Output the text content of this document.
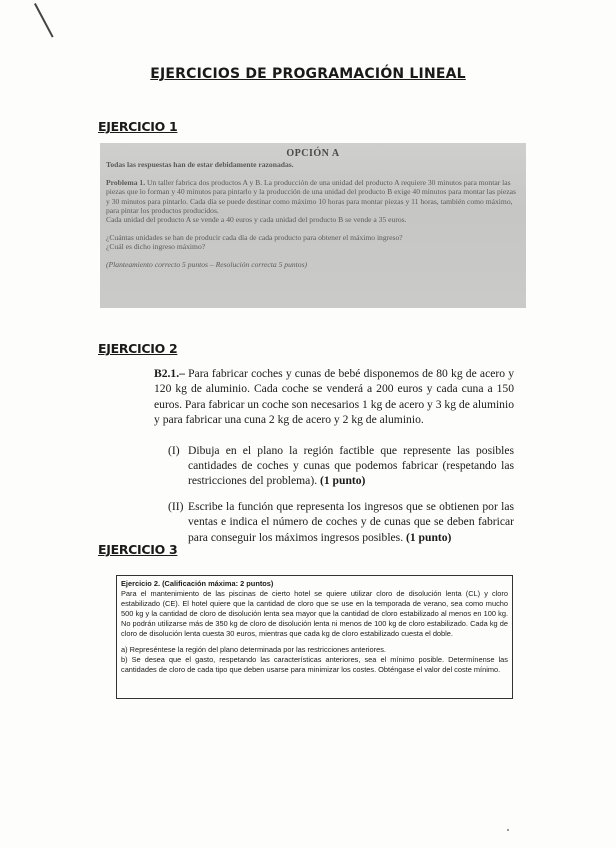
EJERCICIOS DE PROGRAMACIÓN LINEAL
EJERCICIO 1
OPCIÓN A
Todas las respuestas han de estar debidamente razonadas.

Problema 1. Un taller fabrica dos productos A y B. La producción de una unidad del producto A requiere 30 minutos para montar las piezas que lo forman y 40 minutos para pintarlo y la producción de una unidad del producto B exige 40 minutos para montar las piezas y 30 minutos para pintarlo. Cada día se puede destinar como máximo 10 horas para montar piezas y 11 horas, también como máximo, para pintar los productos producidos.

Cada unidad del producto A se vende a 40 euros y cada unidad del producto B se vende a 35 euros.

¿Cuántas unidades se han de producir cada día de cada producto para obtener el máximo ingreso?

¿Cuál es dicho ingreso máximo?

(Planteamiento correcto 5 puntos – Resolución correcta 5 puntos)

EJERCICIO 2
B2.1.– Para fabricar coches y cunas de bebé disponemos de 80 kg de acero y 120 kg de aluminio. Cada coche se venderá a 200 euros y cada cuna a 150 euros. Para fabricar un coche son necesarios 1 kg de acero y 3 kg de aluminio y para fabricar una cuna 2 kg de acero y 2 kg de aluminio.
(I) Dibuja en el plano la región factible que represente las posibles cantidades de coches y cunas que podemos fabricar (respetando las restricciones del problema). (1 punto)
(II) Escribe la función que representa los ingresos que se obtienen por las ventas e indica el número de coches y de cunas que se deben fabricar para conseguir los máximos ingresos posibles. (1 punto)
EJERCICIO 3

Ejercicio 2. (Calificación máxima: 2 puntos)

Para el mantenimiento de las piscinas de cierto hotel se quiere utilizar cloro de disolución lenta (CL) y cloro estabilizado (CE). El hotel quiere que la cantidad de cloro que se use en la temporada de verano, sea como mucho 500 kg y la cantidad de cloro de disolución lenta sea mayor que la cantidad de cloro estabilizado al menos en 100 kg. No podrán utilizarse más de 350 kg de cloro de disolución lenta ni menos de 100 kg de cloro estabilizado. Cada kg de cloro de disolución lenta cuesta 30 euros, mientras que cada kg de cloro estabilizado cuesta el doble.

a) Represéntese la región del plano determinada por las restricciones anteriores.

b) Se desea que el gasto, respetando las características anteriores, sea el mínimo posible. Determínense las cantidades de cloro de cada tipo que deben usarse para minimizar los costes. Obténgase el valor del coste mínimo.
